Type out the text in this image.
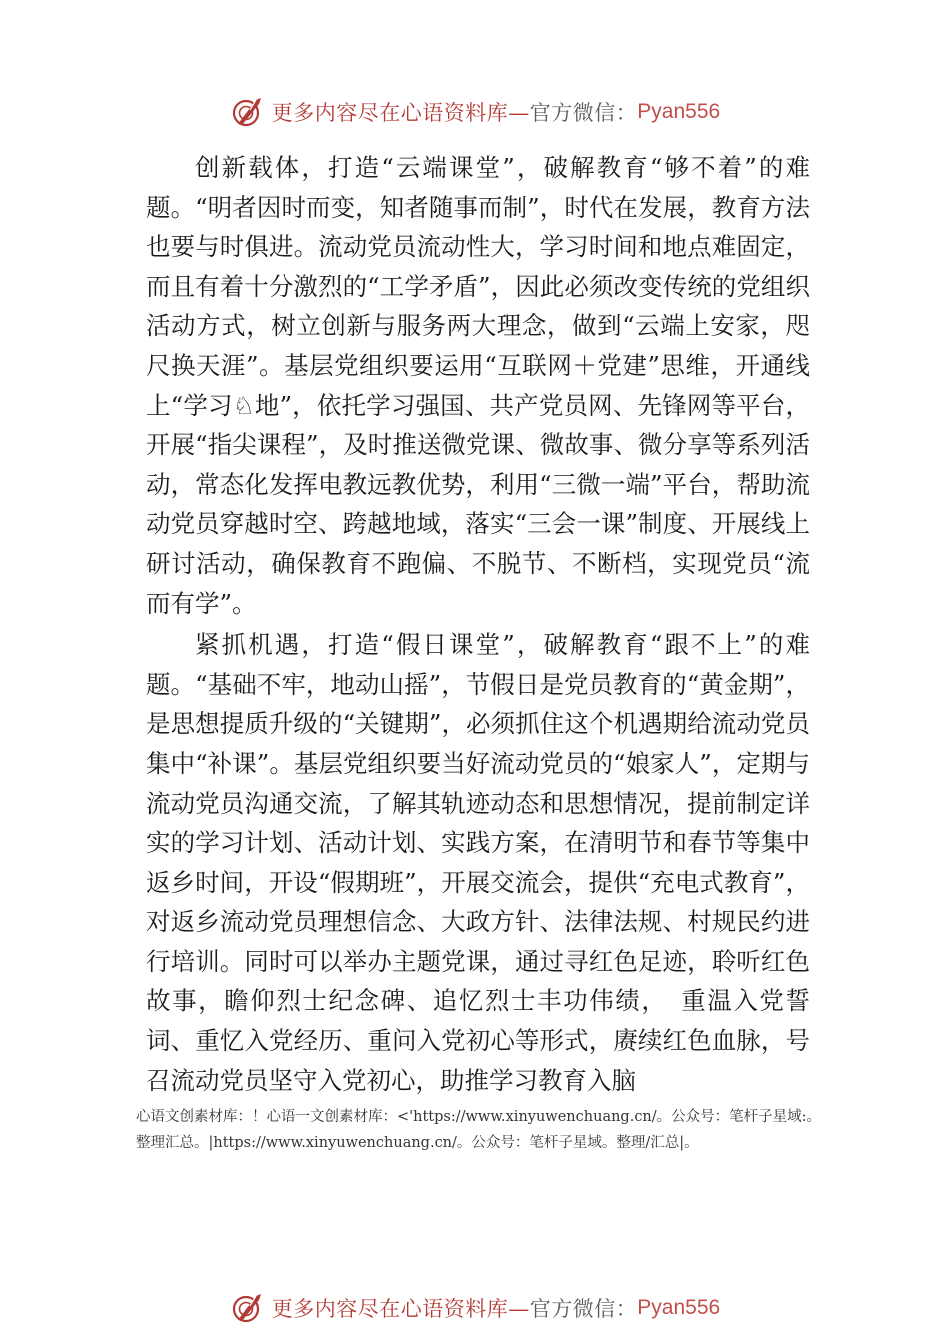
更多内容尽在心语资料库— 官方微信： Pyan556

创新载体，打造“云端课堂”，破解教育“够不着”的难题。“明者因时而变，知者随事而制”，时代在发展，教育方法也要与时俱进。流动党员流动性大，学习时间和地点难固定，而且有着十分激烈的“工学矛盾”，因此必须改变传统的党组织活动方式，树立创新与服务两大理念，做到“云端上安家，咫尺换天涯”。基层党组织要运用“互联网＋党建”思维，开通线上“学习♘地”，依托学习强国、共产党员网、先锋网等平台，开展“指尖课程”，及时推送微党课、微故事、微分享等系列活动，常态化发挥电教远教优势，利用“三微一端”平台，帮助流动党员穿越时空、跨越地域，落实“三会一课”制度、开展线上研讨活动，确保教育不跑偏、不脱节、不断档，实现党员“流而有学”。

紧抓机遇，打造“假日课堂”，破解教育“跟不上”的难题。“基础不牢，地动山摇”，节假日是党员教育的“黄金期”，是思想提质升级的“关键期”，必须抓住这个机遇期给流动党员集中“补课”。基层党组织要当好流动党员的“娘家人”，定期与流动党员沟通交流，了解其轨迹动态和思想情况，提前制定详实的学习计划、活动计划、实践方案，在清明节和春节等集中返乡时间，开设“假期班”，开展交流会，提供“充电式教育”，对返乡流动党员理想信念、大政方针、法律法规、村规民约进行培训。同时可以举办主题党课，通过寻红色足迹，聆听红色故事，瞻仰烈士纪念碑、追忆烈士丰功伟绩，　重温入党誓词、重忆入党经历、重问入党初心等形式，赓续红色血脉，号召流动党员坚守入党初心，助推学习教育入脑

心语文创素材库：！心语一文创素材库：<'https://www.xinyuwenchuang.cn/。公众号：笔杆子星域:。整理汇总。|https://www.xinyuwenchuang.cn/。公众号：笔杆子星域。整理/汇总|。
更多内容尽在心语资料库— 官方微信： Pyan556
